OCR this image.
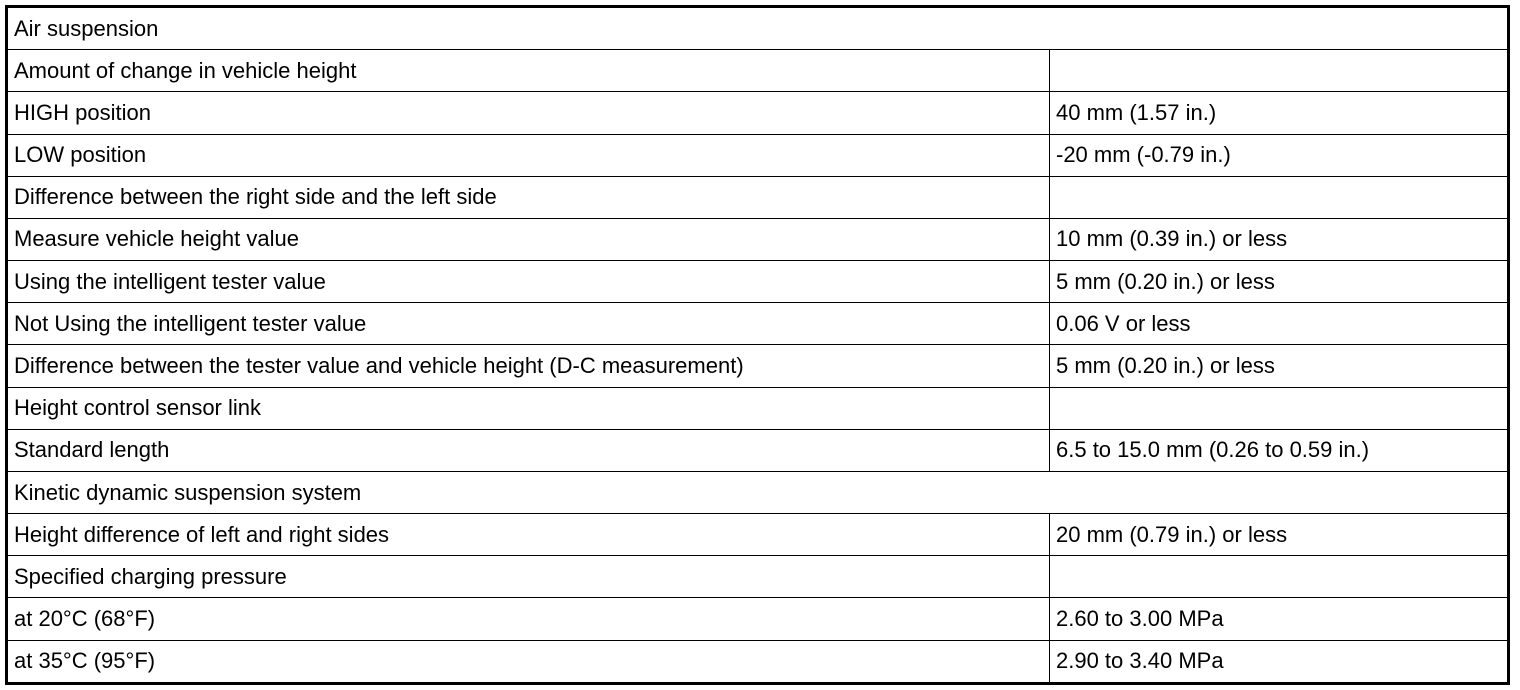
Air suspension	
Amount of change in vehicle height	
HIGH position	40 mm (1.57 in.)
LOW position	-20 mm (-0.79 in.)
Difference between the right side and the left side	
Measure vehicle height value	10 mm (0.39 in.) or less
Using the intelligent tester value	5 mm (0.20 in.) or less
Not Using the intelligent tester value	0.06 V or less
Difference between the tester value and vehicle height (D-C measurement)	5 mm (0.20 in.) or less
Height control sensor link	
Standard length	6.5 to 15.0 mm (0.26 to 0.59 in.)
Kinetic dynamic suspension system	
Height difference of left and right sides	20 mm (0.79 in.) or less
Specified charging pressure	
at 20°C (68°F)	2.60 to 3.00 MPa
at 35°C (95°F)	2.90 to 3.40 MPa
